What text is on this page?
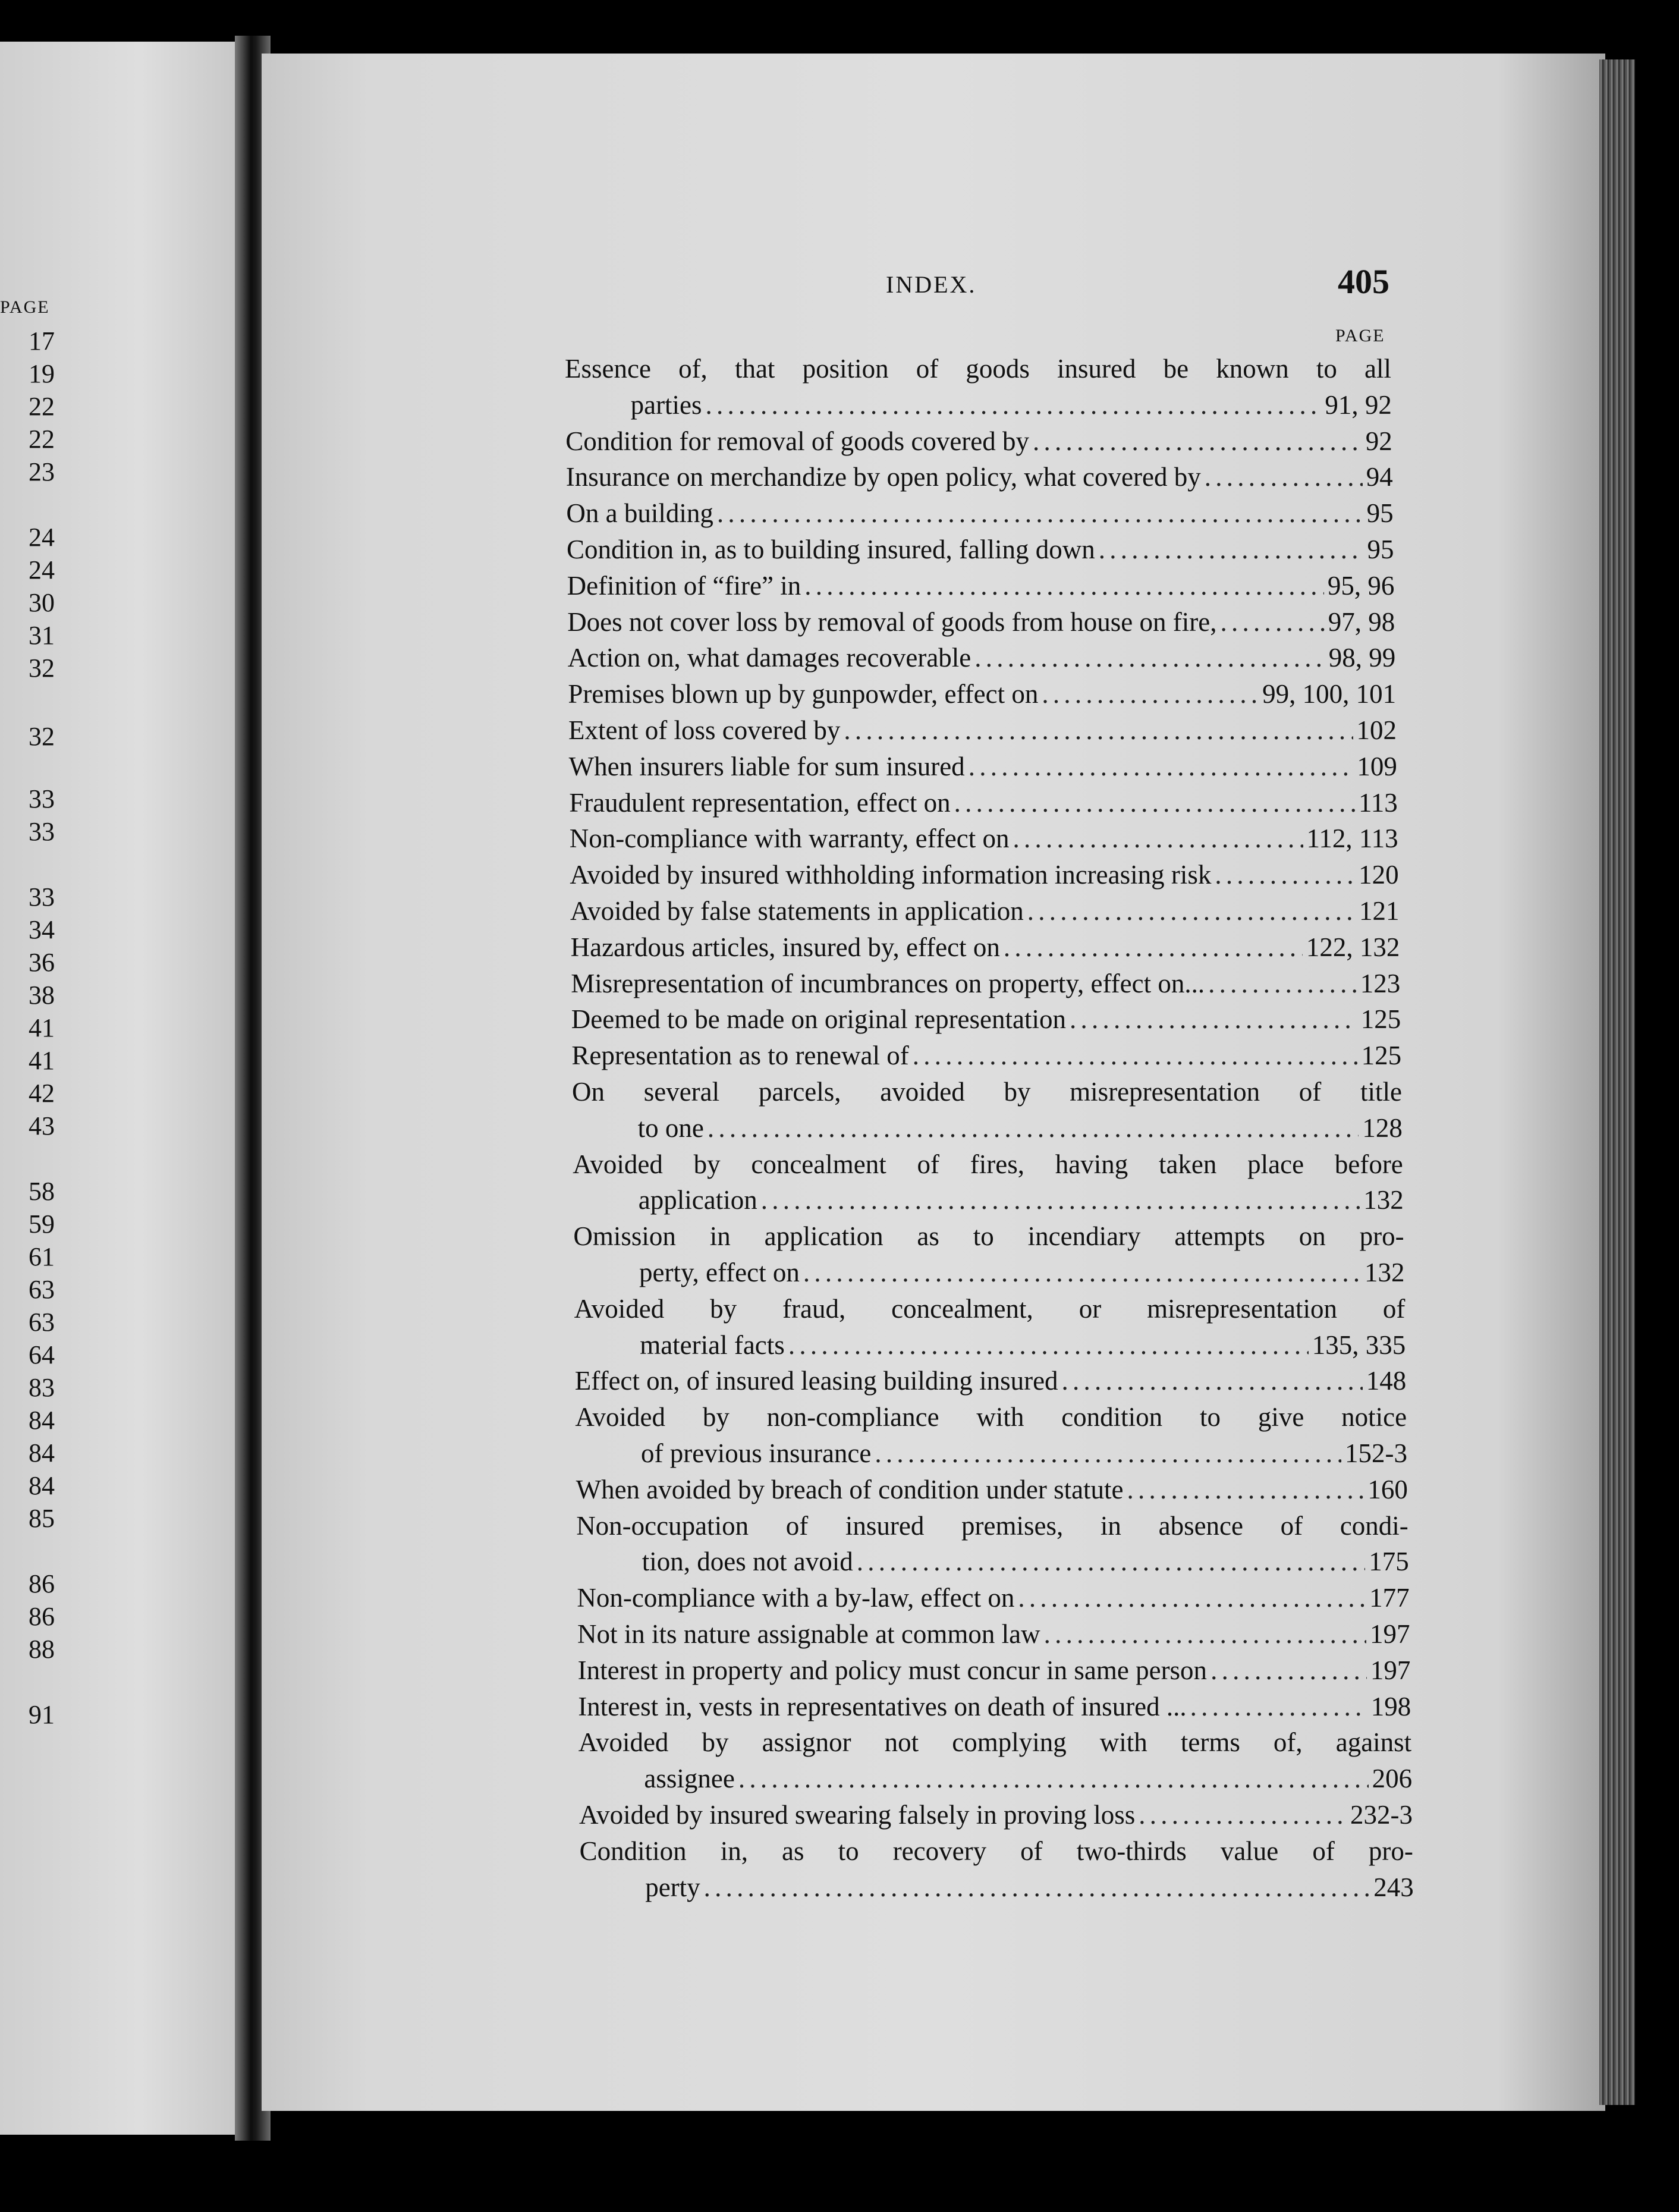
PAGE
17
19
22
22
23
24
24
30
31
32
32
33
33
33
34
36
38
41
41
42
43
58
59
61
63
63
64
83
84
84
84
85
86
86
88
91
INDEX.	405
PAGE
Essence of, that position of goods insured be known to all
parties . . .	91, 92
Condition for removal of goods covered by . . .	92
Insurance on merchandize by open policy, what covered by . . .	94
On a building . . .	95
Condition in, as to building insured, falling down . . .	95
Definition of “fire” in . . .	95, 96
Does not cover loss by removal of goods from house on fire, . . .	97, 98
Action on, what damages recoverable . . .	98, 99
Premises blown up by gunpowder, effect on . . .	99, 100, 101
Extent of loss covered by . . .	102
When insurers liable for sum insured . . .	109
Fraudulent representation, effect on . . .	113
Non-compliance with warranty, effect on . . .	112, 113
Avoided by insured withholding information increasing risk . . .	120
Avoided by false statements in application . . .	121
Hazardous articles, insured by, effect on . . .	122, 132
Misrepresentation of incumbrances on property, effect on... . . .	123
Deemed to be made on original representation . . .	125
Representation as to renewal of . . .	125
On several parcels, avoided by misrepresentation of title
to one . . .	128
Avoided by concealment of fires, having taken place before
application . . .	132
Omission in application as to incendiary attempts on pro-
perty, effect on . . .	132
Avoided by fraud, concealment, or misrepresentation of
material facts . . .	135, 335
Effect on, of insured leasing building insured . . .	148
Avoided by non-compliance with condition to give notice
of previous insurance . . .	152-3
When avoided by breach of condition under statute . . .	160
Non-occupation of insured premises, in absence of condi-
tion, does not avoid . . .	175
Non-compliance with a by-law, effect on . . .	177
Not in its nature assignable at common law . . .	197
Interest in property and policy must concur in same person . . .	197
Interest in, vests in representatives on death of insured ... . . .	198
Avoided by assignor not complying with terms of, against
assignee . . .	206
Avoided by insured swearing falsely in proving loss . . .	232-3
Condition in, as to recovery of two-thirds value of pro-
perty . . .	243
